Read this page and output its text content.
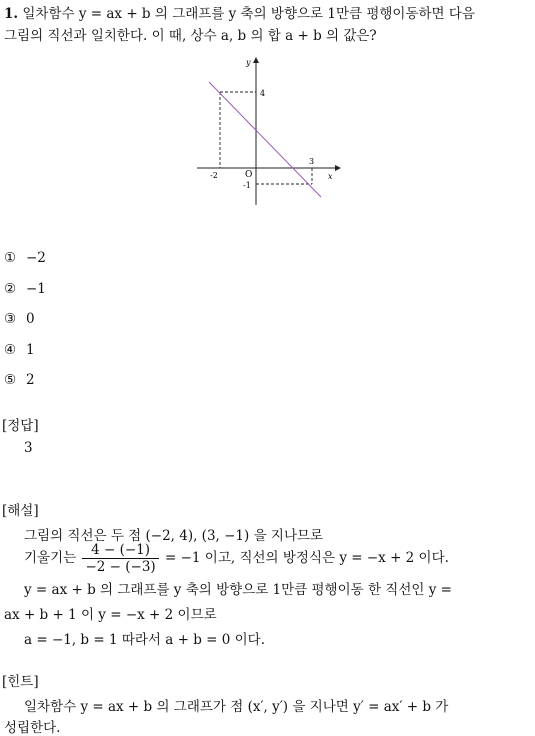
1. 일차함수 y = ax + b 의 그래프를 y 축의 방향으로 1만큼 평행이동하면 다음
그림의 직선과 일치한다. 이 때, 상수 a, b 의 합 a + b 의 값은?
y
x
O
4
-2
3
-1
① −2
② −1
③ 0
④ 1
⑤ 2
[정답]
3
[해설]
그림의 직선은 두 점 (−2, 4), (3, −1) 을 지나므로
기울기는 $\frac{4 - (-1)}{-2 - (-3)} = -1$ 이고, 직선의 방정식은 y = −x + 2 이다.
y = ax + b 의 그래프를 y 축의 방향으로 1만큼 평행이동 한 직선인 y =
ax + b + 1 이 y = −x + 2 이므로
a = −1, b = 1 따라서 a + b = 0 이다.
[힌트]
일차함수 y = ax + b 의 그래프가 점 (x′, y′) 을 지나면 y′ = ax′ + b 가
성립한다.
